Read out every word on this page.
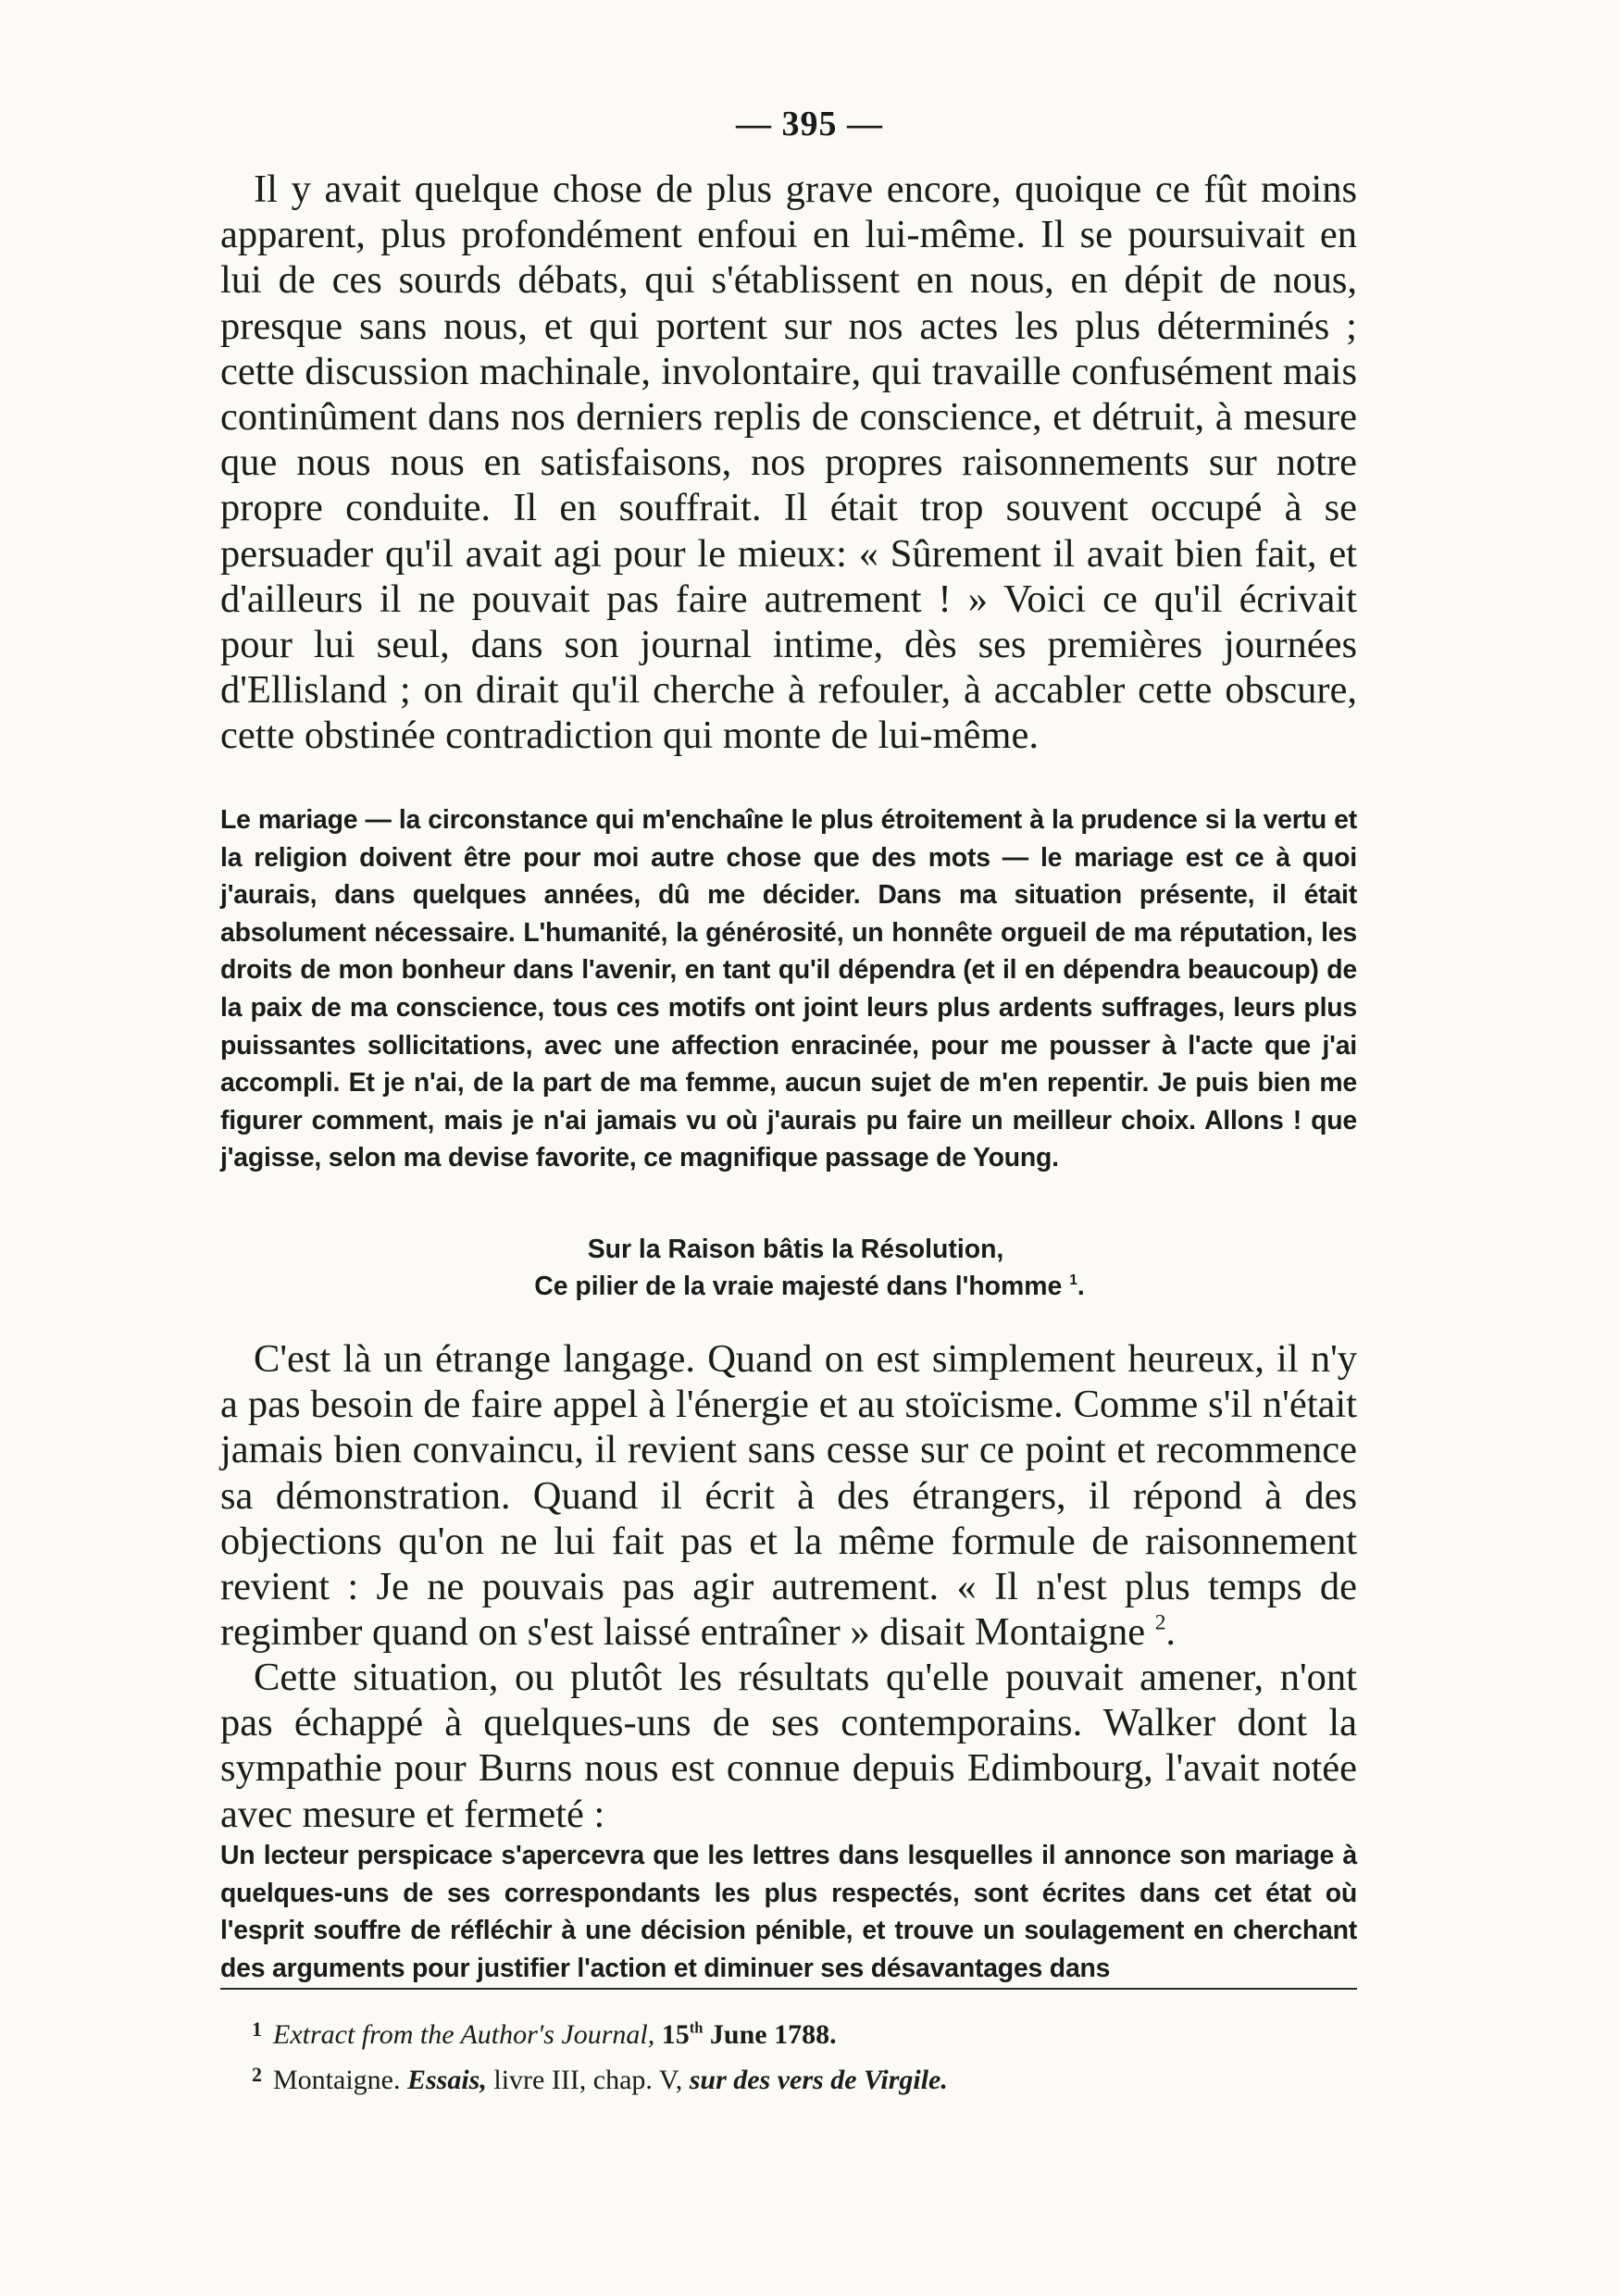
— 395 —

Il y avait quelque chose de plus grave encore, quoique ce fût moins apparent, plus profondément enfoui en lui-même. Il se poursuivait en lui de ces sourds débats, qui s'établissent en nous, en dépit de nous, presque sans nous, et qui portent sur nos actes les plus déterminés ; cette discussion machinale, involontaire, qui travaille confusément mais continûment dans nos derniers replis de conscience, et détruit, à mesure que nous nous en satisfaisons, nos propres raisonnements sur notre propre conduite. Il en souffrait. Il était trop souvent occupé à se persuader qu'il avait agi pour le mieux: « Sûrement il avait bien fait, et d'ailleurs il ne pouvait pas faire autrement ! » Voici ce qu'il écrivait pour lui seul, dans son journal intime, dès ses premières journées d'Ellisland ; on dirait qu'il cherche à refouler, à accabler cette obscure, cette obstinée contradiction qui monte de lui-même.

Le mariage — la circonstance qui m'enchaîne le plus étroitement à la prudence si la vertu et la religion doivent être pour moi autre chose que des mots — le mariage est ce à quoi j'aurais, dans quelques années, dû me décider. Dans ma situation présente, il était absolument nécessaire. L'humanité, la générosité, un honnête orgueil de ma réputation, les droits de mon bonheur dans l'avenir, en tant qu'il dépendra (et il en dépendra beaucoup) de la paix de ma conscience, tous ces motifs ont joint leurs plus ardents suffrages, leurs plus puissantes sollicitations, avec une affection enracinée, pour me pousser à l'acte que j'ai accompli. Et je n'ai, de la part de ma femme, aucun sujet de m'en repentir. Je puis bien me figurer comment, mais je n'ai jamais vu où j'aurais pu faire un meilleur choix. Allons ! que j'agisse, selon ma devise favorite, ce magnifique passage de Young.

Sur la Raison bâtis la Résolution,
Ce pilier de la vraie majesté dans l'homme $^1$.

C'est là un étrange langage. Quand on est simplement heureux, il n'y a pas besoin de faire appel à l'énergie et au stoïcisme. Comme s'il n'était jamais bien convaincu, il revient sans cesse sur ce point et recommence sa démonstration. Quand il écrit à des étrangers, il répond à des objections qu'on ne lui fait pas et la même formule de raisonnement revient : Je ne pouvais pas agir autrement. « Il n'est plus temps de regimber quand on s'est laissé entraîner » disait Montaigne $^2$.

Cette situation, ou plutôt les résultats qu'elle pouvait amener, n'ont pas échappé à quelques-uns de ses contemporains. Walker dont la sympathie pour Burns nous est connue depuis Edimbourg, l'avait notée avec mesure et fermeté :

Un lecteur perspicace s'apercevra que les lettres dans lesquelles il annonce son mariage à quelques-uns de ses correspondants les plus respectés, sont écrites dans cet état où l'esprit souffre de réfléchir à une décision pénible, et trouve un soulagement en cherchant des arguments pour justifier l'action et diminuer ses désavantages dans

$^1$ Extract from the Author's Journal, 15th June 1788.
$^2$ Montaigne. Essais, livre III, chap. V, sur des vers de Virgile.
